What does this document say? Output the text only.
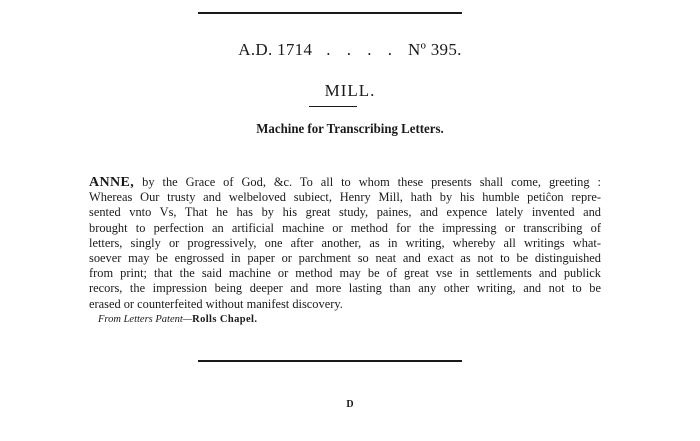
A.D. 1714 . . . . Nº 395.
MILL.
Machine for Transcribing Letters.
ANNE, by the Grace of God, &c. To all to whom these presents shall come, greeting :
Whereas Our trusty and welbeloved subiect, Henry Mill, hath by his humble petiĉon repre-
sented vnto Vs, That he has by his great study, paines, and expence lately invented and
brought to perfection an artificial machine or method for the impressing or transcribing of
letters, singly or progressively, one after another, as in writing, whereby all writings what-
soever may be engrossed in paper or parchment so neat and exact as not to be distinguished
from print; that the said machine or method may be of great vse in settlements and publick
recors, the impression being deeper and more lasting than any other writing, and not to be
erased or counterfeited without manifest discovery.
From Letters Patent—Rolls Chapel.
D
